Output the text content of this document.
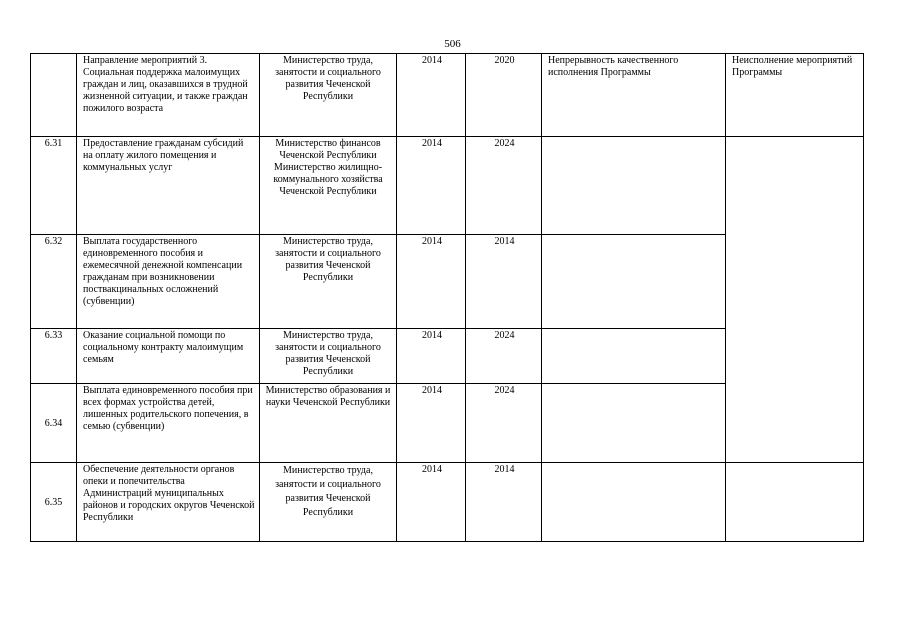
506
	Направление мероприятий 3. Социальная поддержка малоимущих граждан и лиц, оказавшихся в трудной жизненной ситуации, и также граждан пожилого возраста	Министерство труда, занятости и социального развития Чеченской Республики	2014	2020	Непрерывность качественного исполнения Программы	Неисполнение мероприятий Программы
6.31	Предоставление гражданам субсидий на оплату жилого помещения и коммунальных услуг	Министерство финансов Чеченской Республики Министерство жилищно-коммунального хозяйства Чеченской Республики	2014	2024		
6.32	Выплата государственного единовременного пособия и ежемесячной денежной компенсации гражданам при возникновении поствакцинальных осложнений (субвенции)	Министерство труда, занятости и социального развития Чеченской Республики	2014	2014		
6.33	Оказание социальной помощи по социальному контракту малоимущим семьям	Министерство труда, занятости и социального развития Чеченской Республики	2014	2024		
6.34	Выплата единовременного пособия при всех формах устройства детей, лишенных родительского попечения, в семью (субвенции)	Министерство образования и науки Чеченской Республики	2014	2024		
6.35	Обеспечение деятельности органов опеки и попечительства Администраций муниципальных районов и городских округов Чеченской Республики	Министерство труда, занятости и социального развития Чеченской Республики	2014	2014		
